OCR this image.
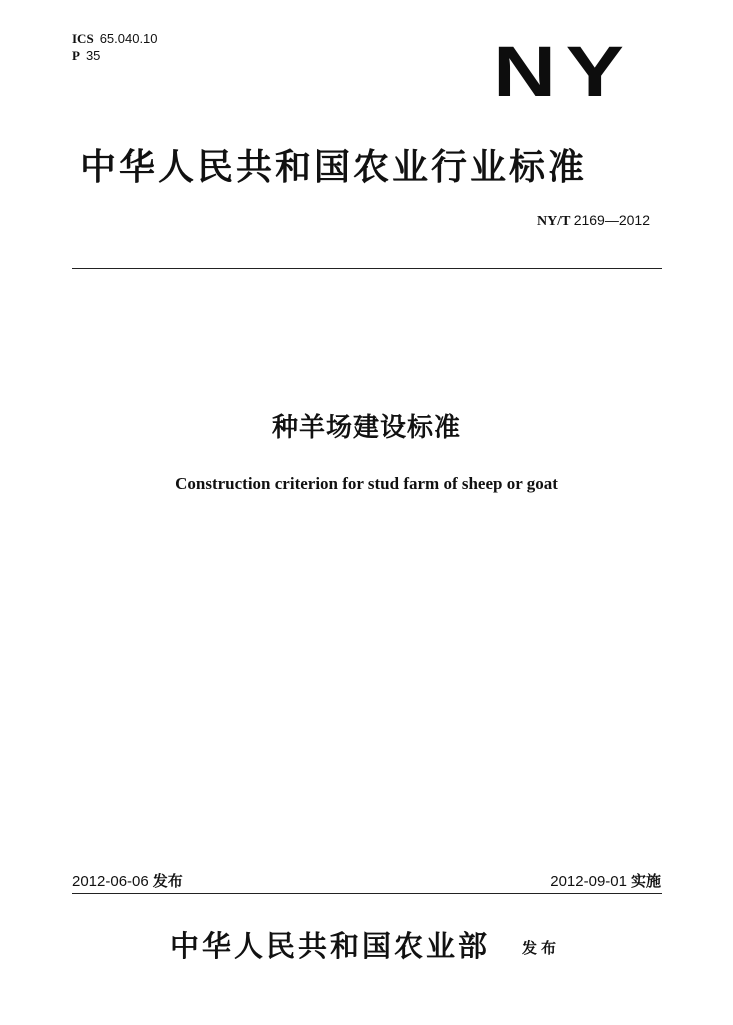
ICS 65.040.10
P 35	NY
中华人民共和国农业行业标准
NY/T 2169—2012
种羊场建设标准
Construction criterion for stud farm of sheep or goat
2012-06-06 发布	2012-09-01 实施
中华人民共和国农业部 发布
